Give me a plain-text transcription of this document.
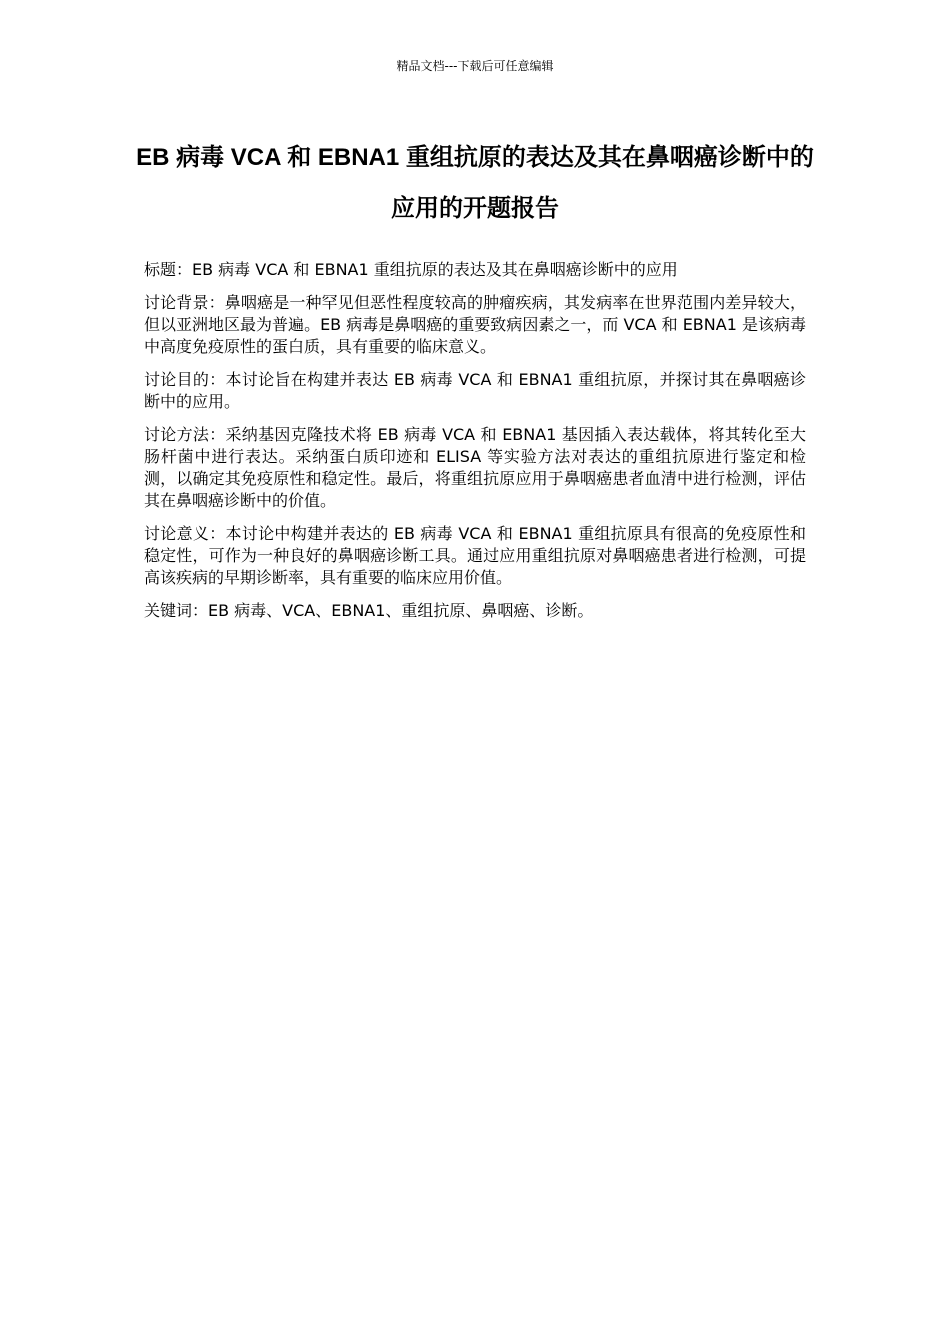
精品文档---下载后可任意编辑
EB 病毒 VCA 和 EBNA1 重组抗原的表达及其在鼻咽癌诊断中的应用的开题报告

标题：EB 病毒 VCA 和 EBNA1 重组抗原的表达及其在鼻咽癌诊断中的应用

讨论背景：鼻咽癌是一种罕见但恶性程度较高的肿瘤疾病，其发病率在世界范围内差异较大，但以亚洲地区最为普遍。EB 病毒是鼻咽癌的重要致病因素之一，而 VCA 和 EBNA1 是该病毒中高度免疫原性的蛋白质，具有重要的临床意义。

讨论目的：本讨论旨在构建并表达 EB 病毒 VCA 和 EBNA1 重组抗原，并探讨其在鼻咽癌诊断中的应用。

讨论方法：采纳基因克隆技术将 EB 病毒 VCA 和 EBNA1 基因插入表达载体，将其转化至大肠杆菌中进行表达。采纳蛋白质印迹和 ELISA 等实验方法对表达的重组抗原进行鉴定和检测，以确定其免疫原性和稳定性。最后，将重组抗原应用于鼻咽癌患者血清中进行检测，评估其在鼻咽癌诊断中的价值。

讨论意义：本讨论中构建并表达的 EB 病毒 VCA 和 EBNA1 重组抗原具有很高的免疫原性和稳定性，可作为一种良好的鼻咽癌诊断工具。通过应用重组抗原对鼻咽癌患者进行检测，可提高该疾病的早期诊断率，具有重要的临床应用价值。

关键词：EB 病毒、VCA、EBNA1、重组抗原、鼻咽癌、诊断。
